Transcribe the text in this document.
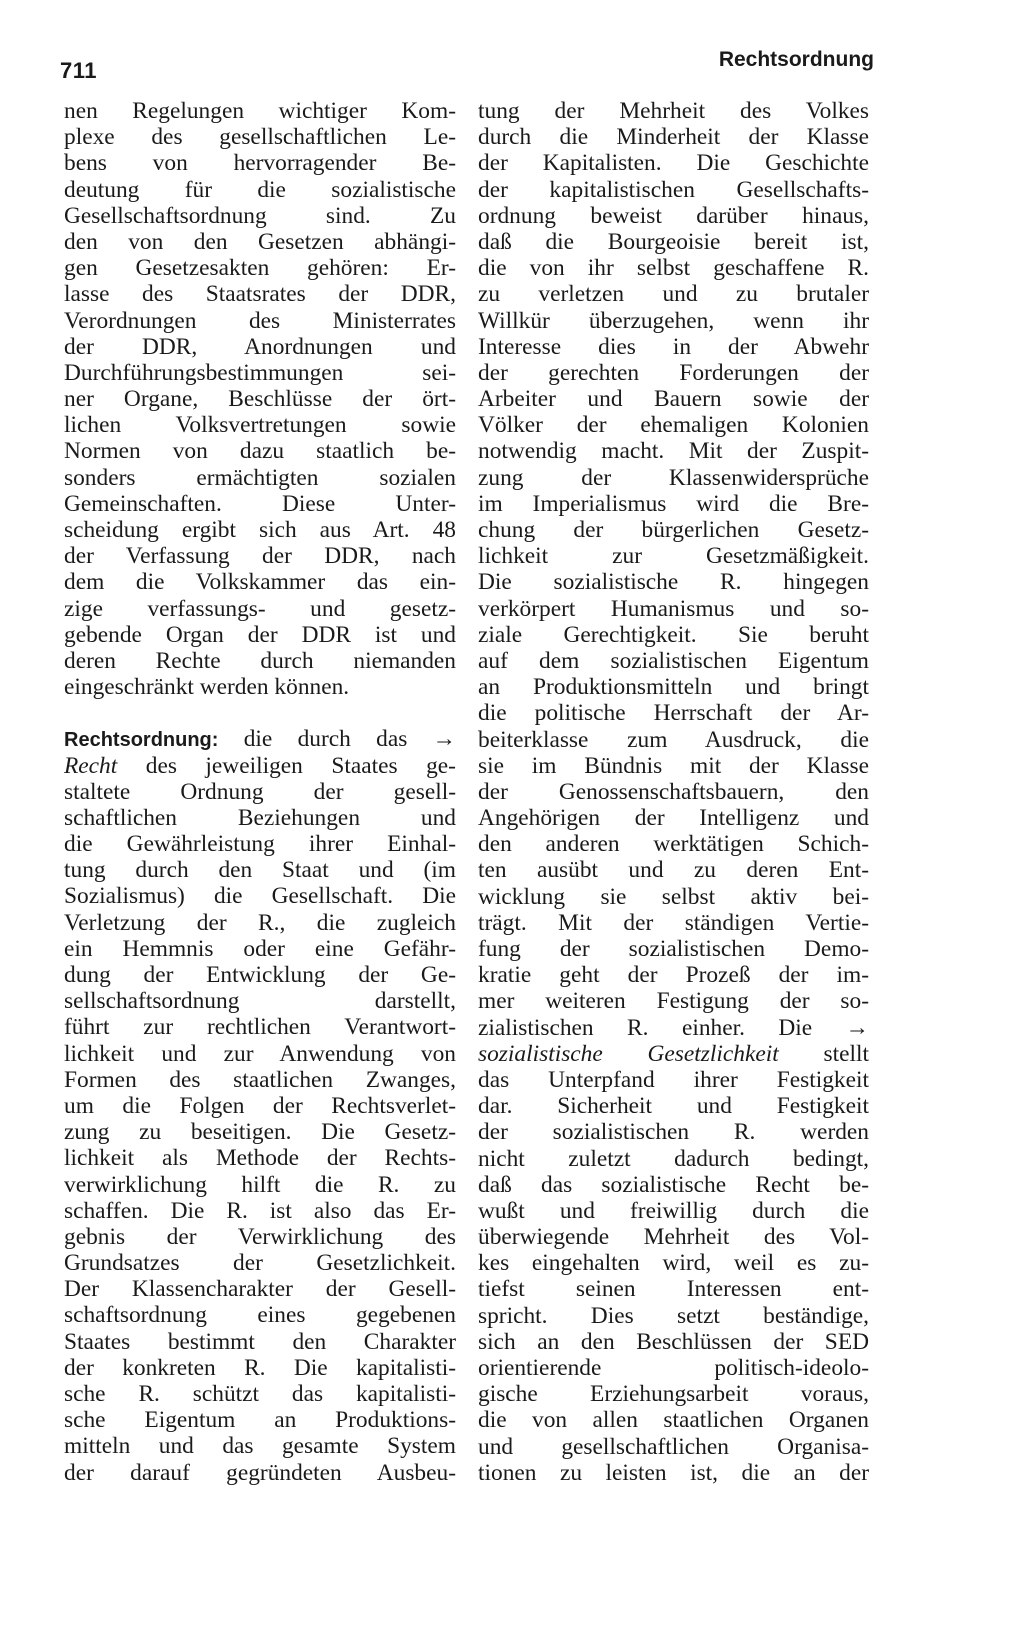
711	Rechtsordnung
nen Regelungen wichtiger Kom-
plexe des gesellschaftlichen Le-
bens von hervorragender Be-
deutung für die sozialistische
Gesellschaftsordnung sind. Zu
den von den Gesetzen abhängi-
gen Gesetzesakten gehören: Er-
lasse des Staatsrates der DDR,
Verordnungen des Ministerrates
der DDR, Anordnungen und
Durchführungsbestimmungen sei-
ner Organe, Beschlüsse der ört-
lichen Volksvertretungen sowie
Normen von dazu staatlich be-
sonders ermächtigten sozialen
Gemeinschaften. Diese Unter-
scheidung ergibt sich aus Art. 48
der Verfassung der DDR, nach
dem die Volkskammer das ein-
zige verfassungs- und gesetz-
gebende Organ der DDR ist und
deren Rechte durch niemanden
eingeschränkt werden können.
Rechtsordnung: die durch das →
Recht des jeweiligen Staates ge-
staltete Ordnung der gesell-
schaftlichen Beziehungen und
die Gewährleistung ihrer Einhal-
tung durch den Staat und (im
Sozialismus) die Gesellschaft. Die
Verletzung der R., die zugleich
ein Hemmnis oder eine Gefähr-
dung der Entwicklung der Ge-
sellschaftsordnung darstellt,
führt zur rechtlichen Verantwort-
lichkeit und zur Anwendung von
Formen des staatlichen Zwanges,
um die Folgen der Rechtsverlet-
zung zu beseitigen. Die Gesetz-
lichkeit als Methode der Rechts-
verwirklichung hilft die R. zu
schaffen. Die R. ist also das Er-
gebnis der Verwirklichung des
Grundsatzes der Gesetzlichkeit.
Der Klassencharakter der Gesell-
schaftsordnung eines gegebenen
Staates bestimmt den Charakter
der konkreten R. Die kapitalisti-
sche R. schützt das kapitalisti-
sche Eigentum an Produktions-
mitteln und das gesamte System
der darauf gegründeten Ausbeu-
tung der Mehrheit des Volkes
durch die Minderheit der Klasse
der Kapitalisten. Die Geschichte
der kapitalistischen Gesellschafts-
ordnung beweist darüber hinaus,
daß die Bourgeoisie bereit ist,
die von ihr selbst geschaffene R.
zu verletzen und zu brutaler
Willkür überzugehen, wenn ihr
Interesse dies in der Abwehr
der gerechten Forderungen der
Arbeiter und Bauern sowie der
Völker der ehemaligen Kolonien
notwendig macht. Mit der Zuspit-
zung der Klassenwidersprüche
im Imperialismus wird die Bre-
chung der bürgerlichen Gesetz-
lichkeit zur Gesetzmäßigkeit.
Die sozialistische R. hingegen
verkörpert Humanismus und so-
ziale Gerechtigkeit. Sie beruht
auf dem sozialistischen Eigentum
an Produktionsmitteln und bringt
die politische Herrschaft der Ar-
beiterklasse zum Ausdruck, die
sie im Bündnis mit der Klasse
der Genossenschaftsbauern, den
Angehörigen der Intelligenz und
den anderen werktätigen Schich-
ten ausübt und zu deren Ent-
wicklung sie selbst aktiv bei-
trägt. Mit der ständigen Vertie-
fung der sozialistischen Demo-
kratie geht der Prozeß der im-
mer weiteren Festigung der so-
zialistischen R. einher. Die →
sozialistische Gesetzlichkeit stellt
das Unterpfand ihrer Festigkeit
dar. Sicherheit und Festigkeit
der sozialistischen R. werden
nicht zuletzt dadurch bedingt,
daß das sozialistische Recht be-
wußt und freiwillig durch die
überwiegende Mehrheit des Vol-
kes eingehalten wird, weil es zu-
tiefst seinen Interessen ent-
spricht. Dies setzt beständige,
sich an den Beschlüssen der SED
orientierende politisch-ideolo-
gische Erziehungsarbeit voraus,
die von allen staatlichen Organen
und gesellschaftlichen Organisa-
tionen zu leisten ist, die an der
